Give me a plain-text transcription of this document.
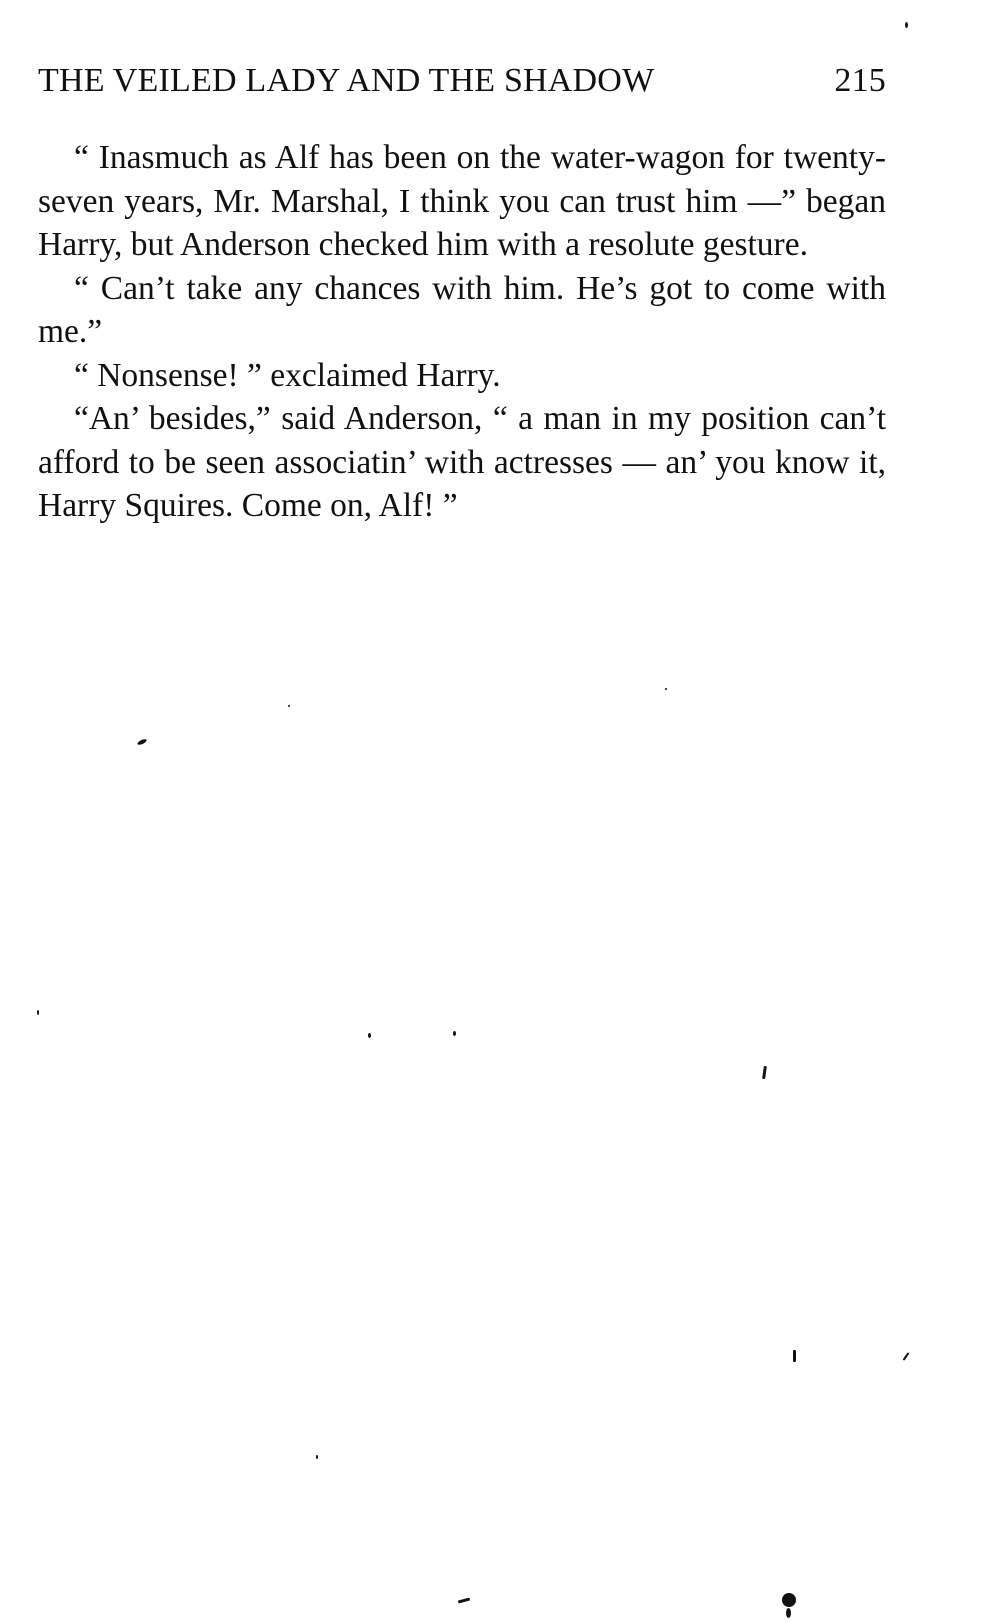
THE VEILED LADY AND THE SHADOW	215

“ Inasmuch as Alf has been on the water-wagon for twenty-seven years, Mr. Marshal, I think you can trust him —” began Harry, but Anderson checked him with a resolute gesture.

“ Can’t take any chances with him. He’s got to come with me.”

“ Nonsense! ” exclaimed Harry.

“An’ besides,” said Anderson, “ a man in my position can’t afford to be seen associatin’ with actresses — an’ you know it, Harry Squires. Come on, Alf! ”
